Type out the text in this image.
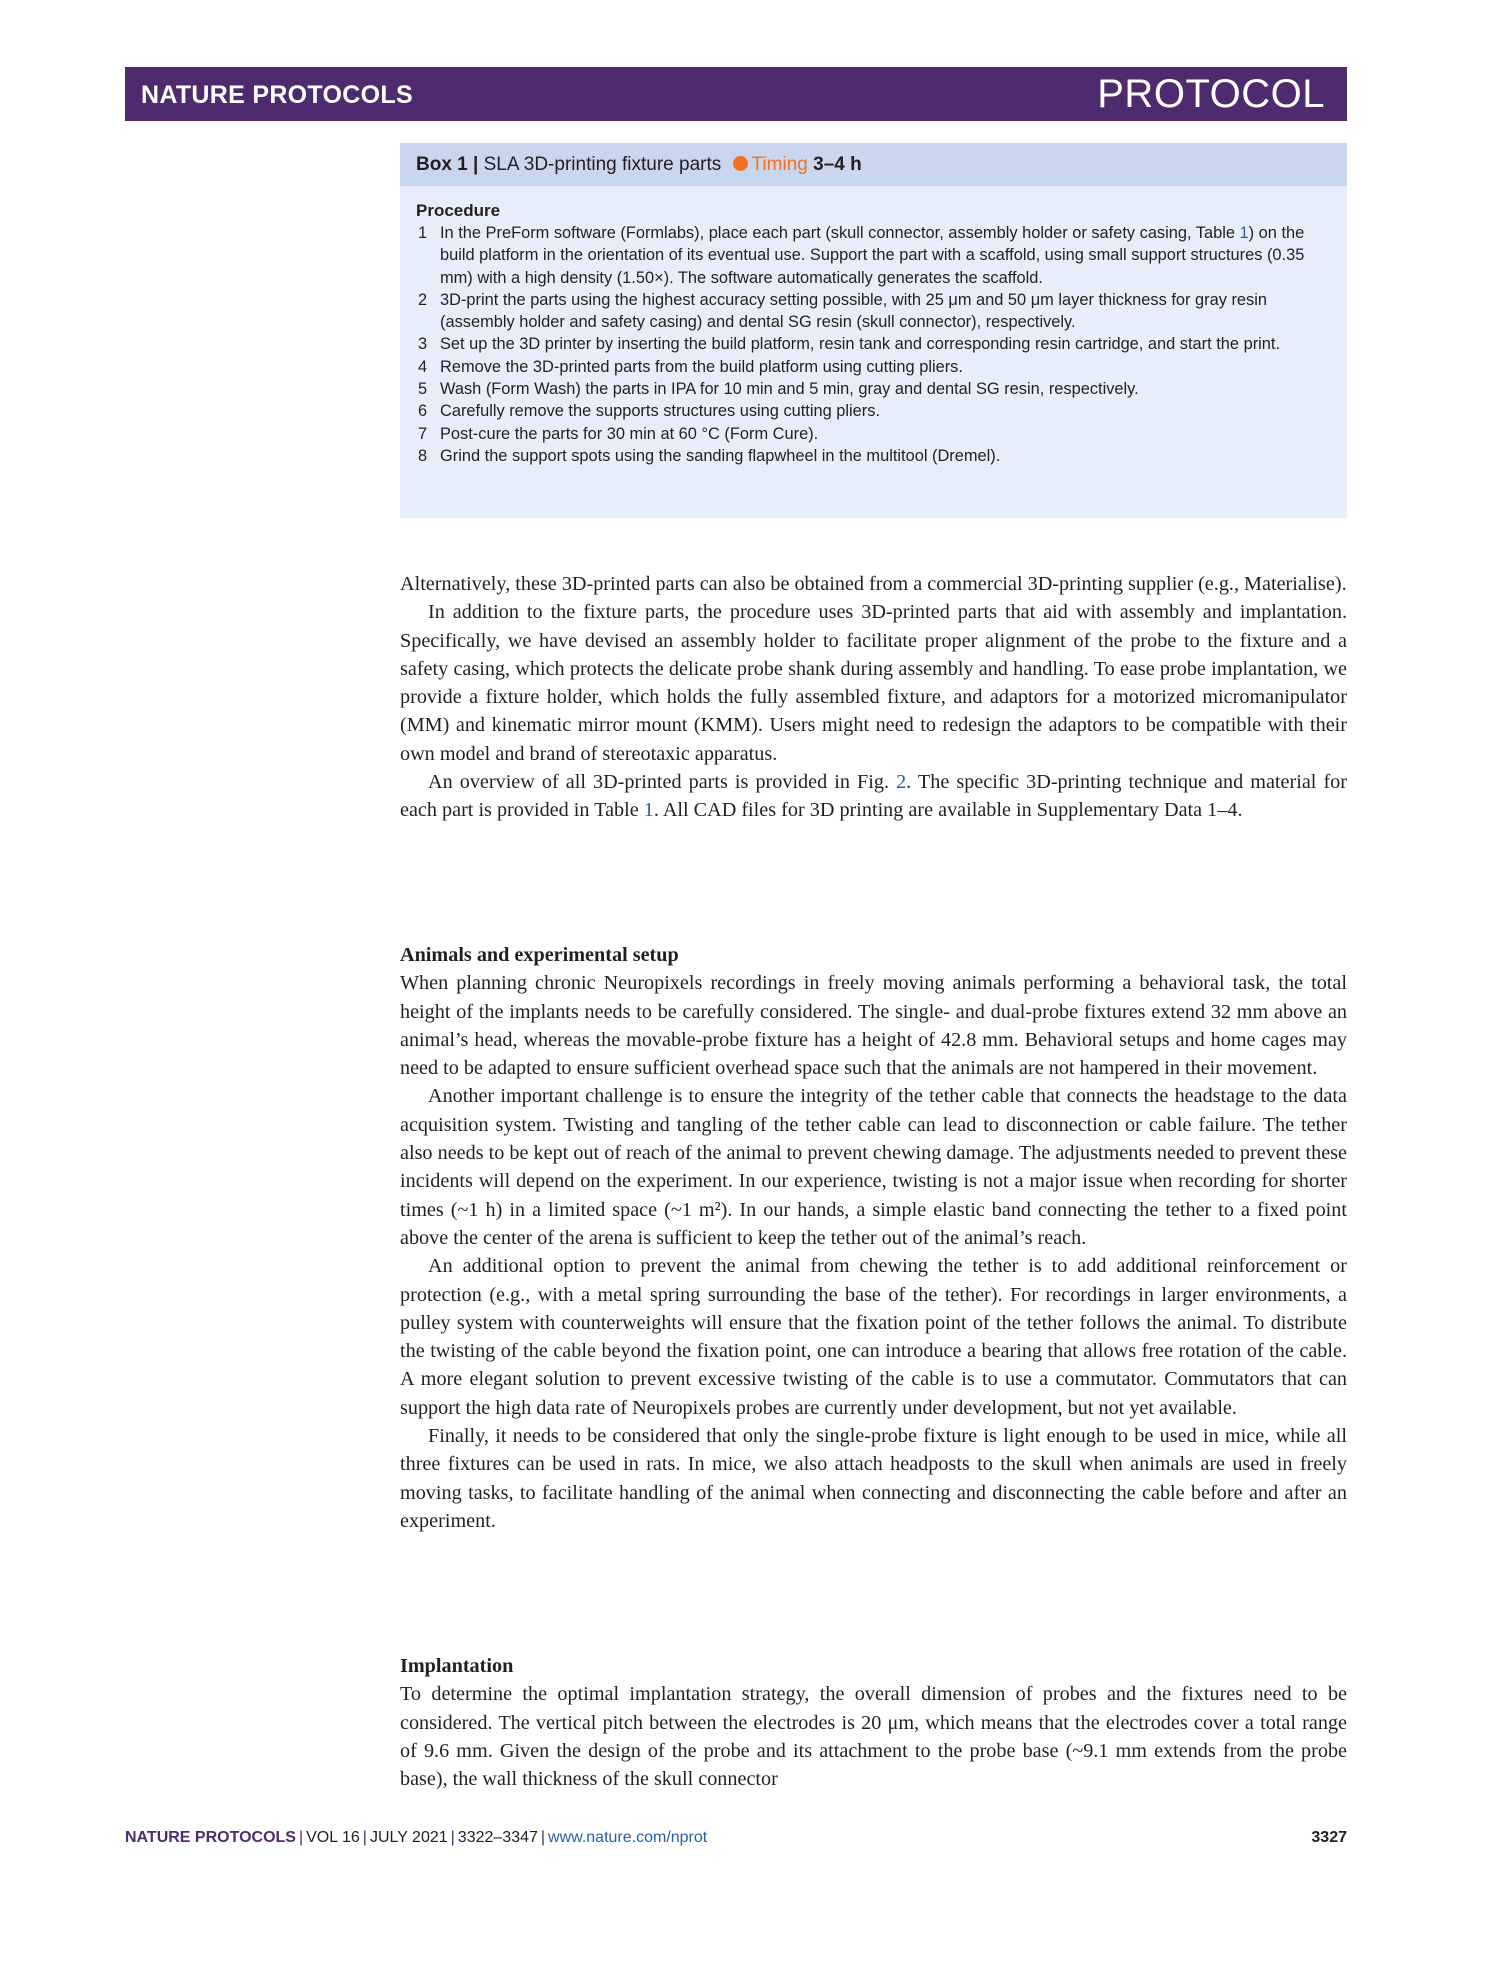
NATURE PROTOCOLS	PROTOCOL
Box 1 | SLA 3D-printing fixture parts Timing 3–4 h
Procedure
1 In the PreForm software (Formlabs), place each part (skull connector, assembly holder or safety casing, Table 1) on the build platform in the orientation of its eventual use. Support the part with a scaffold, using small support structures (0.35 mm) with a high density (1.50×). The software automatically generates the scaffold.
2 3D-print the parts using the highest accuracy setting possible, with 25 μm and 50 μm layer thickness for gray resin (assembly holder and safety casing) and dental SG resin (skull connector), respectively.
3 Set up the 3D printer by inserting the build platform, resin tank and corresponding resin cartridge, and start the print.
4 Remove the 3D-printed parts from the build platform using cutting pliers.
5 Wash (Form Wash) the parts in IPA for 10 min and 5 min, gray and dental SG resin, respectively.
6 Carefully remove the supports structures using cutting pliers.
7 Post-cure the parts for 30 min at 60 °C (Form Cure).
8 Grind the support spots using the sanding flapwheel in the multitool (Dremel).

Alternatively, these 3D-printed parts can also be obtained from a commercial 3D-printing supplier (e.g., Materialise).

In addition to the fixture parts, the procedure uses 3D-printed parts that aid with assembly and implantation. Specifically, we have devised an assembly holder to facilitate proper alignment of the probe to the fixture and a safety casing, which protects the delicate probe shank during assembly and handling. To ease probe implantation, we provide a fixture holder, which holds the fully assembled fixture, and adaptors for a motorized micromanipulator (MM) and kinematic mirror mount (KMM). Users might need to redesign the adaptors to be compatible with their own model and brand of stereotaxic apparatus.

An overview of all 3D-printed parts is provided in Fig. 2. The specific 3D-printing technique and material for each part is provided in Table 1. All CAD files for 3D printing are available in Supplementary Data 1–4.

Animals and experimental setup

When planning chronic Neuropixels recordings in freely moving animals performing a behavioral task, the total height of the implants needs to be carefully considered. The single- and dual-probe fixtures extend 32 mm above an animal’s head, whereas the movable-probe fixture has a height of 42.8 mm. Behavioral setups and home cages may need to be adapted to ensure sufficient overhead space such that the animals are not hampered in their movement.

Another important challenge is to ensure the integrity of the tether cable that connects the headstage to the data acquisition system. Twisting and tangling of the tether cable can lead to disconnection or cable failure. The tether also needs to be kept out of reach of the animal to prevent chewing damage. The adjustments needed to prevent these incidents will depend on the experiment. In our experience, twisting is not a major issue when recording for shorter times (~1 h) in a limited space (~1 m²). In our hands, a simple elastic band connecting the tether to a fixed point above the center of the arena is sufficient to keep the tether out of the animal’s reach.

An additional option to prevent the animal from chewing the tether is to add additional reinforcement or protection (e.g., with a metal spring surrounding the base of the tether). For recordings in larger environments, a pulley system with counterweights will ensure that the fixation point of the tether follows the animal. To distribute the twisting of the cable beyond the fixation point, one can introduce a bearing that allows free rotation of the cable. A more elegant solution to prevent excessive twisting of the cable is to use a commutator. Commutators that can support the high data rate of Neuropixels probes are currently under development, but not yet available.

Finally, it needs to be considered that only the single-probe fixture is light enough to be used in mice, while all three fixtures can be used in rats. In mice, we also attach headposts to the skull when animals are used in freely moving tasks, to facilitate handling of the animal when connecting and disconnecting the cable before and after an experiment.

Implantation

To determine the optimal implantation strategy, the overall dimension of probes and the fixtures need to be considered. The vertical pitch between the electrodes is 20 μm, which means that the electrodes cover a total range of 9.6 mm. Given the design of the probe and its attachment to the probe base (~9.1 mm extends from the probe base), the wall thickness of the skull connector

NATURE PROTOCOLS | VOL 16 | JULY 2021 | 3322–3347 | www.nature.com/nprot	3327
